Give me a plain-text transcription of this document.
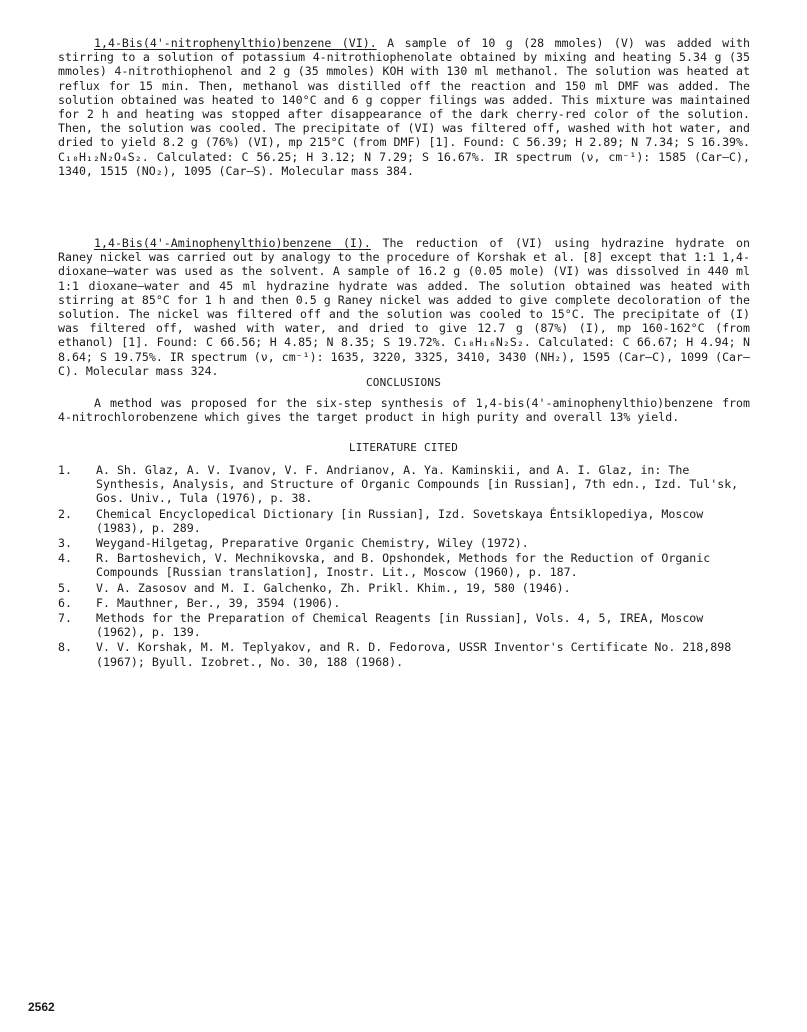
1,4-Bis(4'-nitrophenylthio)benzene (VI). A sample of 10 g (28 mmoles) (V) was added with stirring to a solution of potassium 4-nitrothiophenolate obtained by mixing and heating 5.34 g (35 mmoles) 4-nitrothiophenol and 2 g (35 mmoles) KOH with 130 ml methanol. The solution was heated at reflux for 15 min. Then, methanol was distilled off the reaction and 150 ml DMF was added. The solution obtained was heated to 140°C and 6 g copper filings was added. This mixture was maintained for 2 h and heating was stopped after disappearance of the dark cherry-red color of the solution. Then, the solution was cooled. The precipitate of (VI) was filtered off, washed with hot water, and dried to yield 8.2 g (76%) (VI), mp 215°C (from DMF) [1]. Found: C 56.39; H 2.89; N 7.34; S 16.39%. C₁₈H₁₂N₂O₄S₂. Calculated: C 56.25; H 3.12; N 7.29; S 16.67%. IR spectrum (ν, cm⁻¹): 1585 (Car—C), 1340, 1515 (NO₂), 1095 (Car—S). Molecular mass 384.
1,4-Bis(4'-Aminophenylthio)benzene (I). The reduction of (VI) using hydrazine hydrate on Raney nickel was carried out by analogy to the procedure of Korshak et al. [8] except that 1:1 1,4-dioxane—water was used as the solvent. A sample of 16.2 g (0.05 mole) (VI) was dissolved in 440 ml 1:1 dioxane—water and 45 ml hydrazine hydrate was added. The solution obtained was heated with stirring at 85°C for 1 h and then 0.5 g Raney nickel was added to give complete decoloration of the solution. The nickel was filtered off and the solution was cooled to 15°C. The precipitate of (I) was filtered off, washed with water, and dried to give 12.7 g (87%) (I), mp 160-162°C (from ethanol) [1]. Found: C 66.56; H 4.85; N 8.35; S 19.72%. C₁₈H₁₆N₂S₂. Calculated: C 66.67; H 4.94; N 8.64; S 19.75%. IR spectrum (ν, cm⁻¹): 1635, 3220, 3325, 3410, 3430 (NH₂), 1595 (Car—C), 1099 (Car—C). Molecular mass 324.
CONCLUSIONS
A method was proposed for the six-step synthesis of 1,4-bis(4'-aminophenylthio)benzene from 4-nitrochlorobenzene which gives the target product in high purity and overall 13% yield.
LITERATURE CITED
1.	A. Sh. Glaz, A. V. Ivanov, V. F. Andrianov, A. Ya. Kaminskii, and A. I. Glaz, in: The Synthesis, Analysis, and Structure of Organic Compounds [in Russian], 7th edn., Izd. Tul'sk, Gos. Univ., Tula (1976), p. 38.
2.	Chemical Encyclopedical Dictionary [in Russian], Izd. Sovetskaya Éntsiklopediya, Moscow (1983), p. 289.
3.	Weygand-Hilgetag, Preparative Organic Chemistry, Wiley (1972).
4.	R. Bartoshevich, V. Mechnikovska, and B. Opshondek, Methods for the Reduction of Organic Compounds [Russian translation], Inostr. Lit., Moscow (1960), p. 187.
5.	V. A. Zasosov and M. I. Galchenko, Zh. Prikl. Khim., 19, 580 (1946).
6.	F. Mauthner, Ber., 39, 3594 (1906).
7.	Methods for the Preparation of Chemical Reagents [in Russian], Vols. 4, 5, IREA, Moscow (1962), p. 139.
8.	V. V. Korshak, M. M. Teplyakov, and R. D. Fedorova, USSR Inventor's Certificate No. 218,898 (1967); Byull. Izobret., No. 30, 188 (1968).
2562
